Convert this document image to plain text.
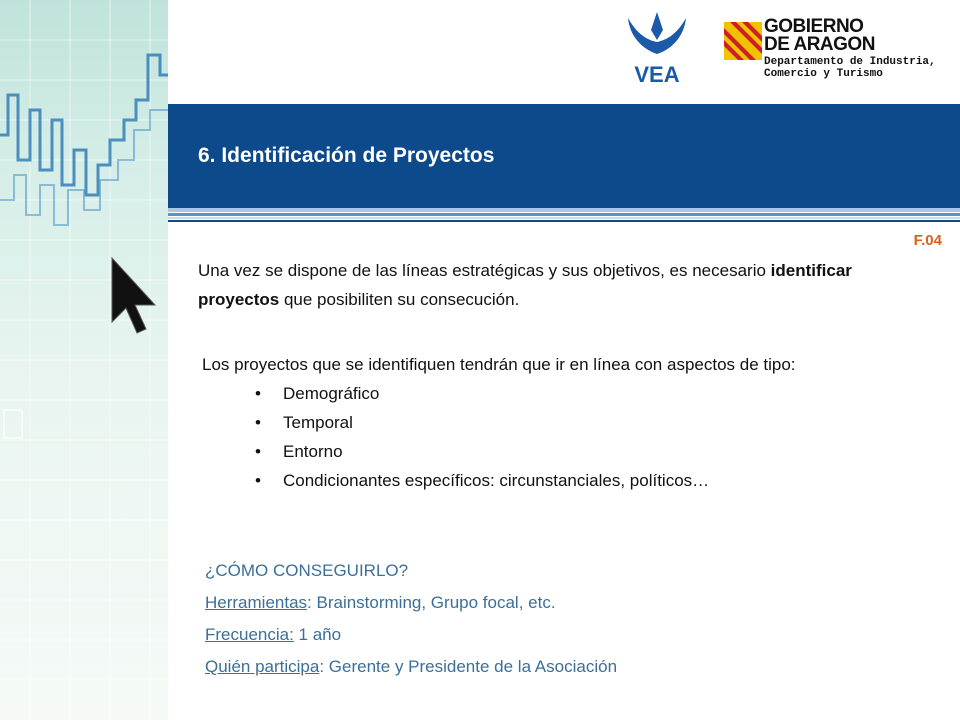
VEA
GOBIERNO
DE ARAGON
Departamento de Industria,
Comercio y Turismo
6. Identificación de Proyectos
F.04

Una vez se dispone de las líneas estratégicas y sus objetivos, es necesario identificar proyectos que posibiliten su consecución.

Los proyectos que se identifiquen tendrán que ir en línea con aspectos de tipo:
• Demográfico
• Temporal
• Entorno
• Condicionantes específicos: circunstanciales, políticos…
¿CÓMO CONSEGUIRLO?
Herramientas: Brainstorming, Grupo focal, etc.
Frecuencia: 1 año
Quién participa: Gerente y Presidente de la Asociación
